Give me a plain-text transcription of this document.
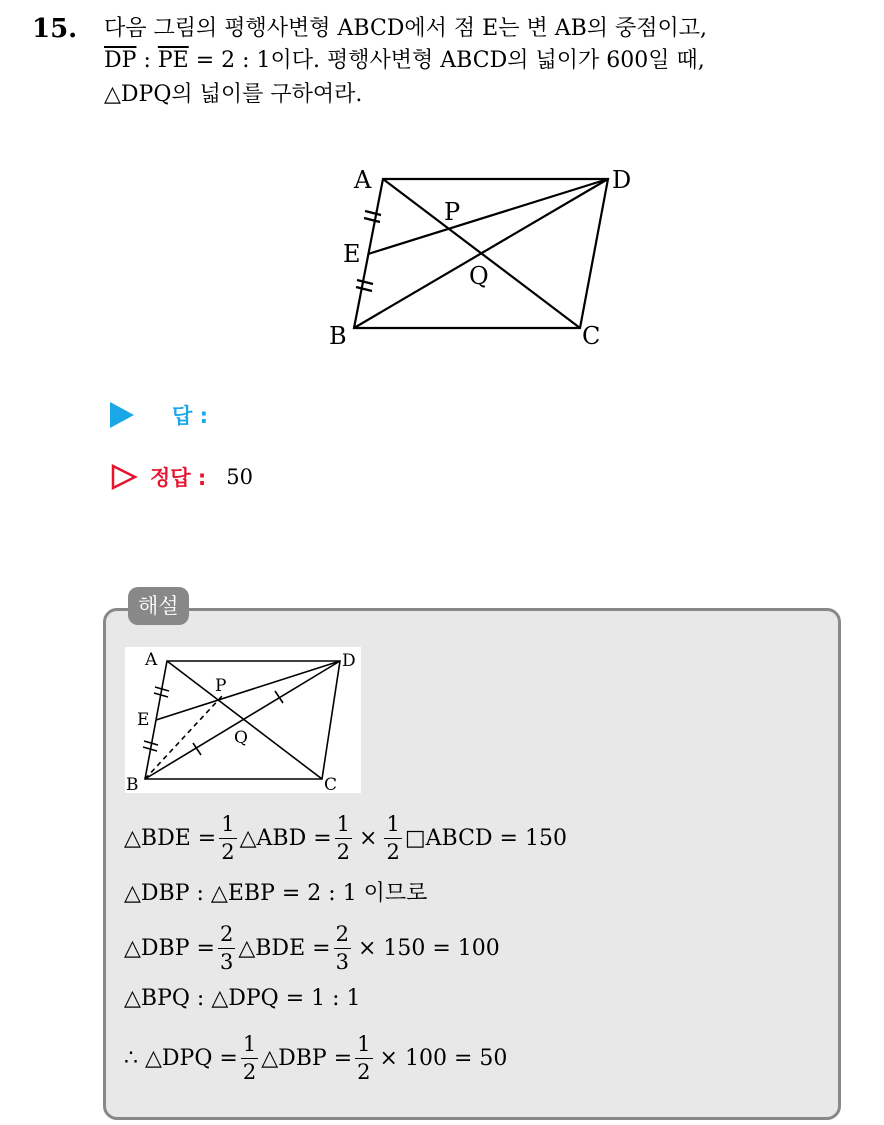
15. 다음 그림의 평행사변형 ABCD에서 점 E는 변 AB의 중점이고,
$\overline{DP}$ : $\overline{PE} = 2$ : 1이다. 평행사변형 ABCD의 넓이가 600일 때,
△DPQ의 넓이를 구하여라.
A	D
B	C
E
P
Q
답 :
정답 : 50
해설
A	D
B	C
E
P
Q
△BDE = $\frac{1}{2}$ △ABD = $\frac{1}{2} \times \frac{1}{2}$ □ABCD = 150
△DBP : △EBP = 2 : 1 이므로
△DBP = $\frac{2}{3}$ △BDE = $\frac{2}{3} \times 150 = 100$
△BPQ : △DPQ = 1 : 1
∴ △DPQ = $\frac{1}{2}$ △DBP = $\frac{1}{2} \times 100 = 50$
